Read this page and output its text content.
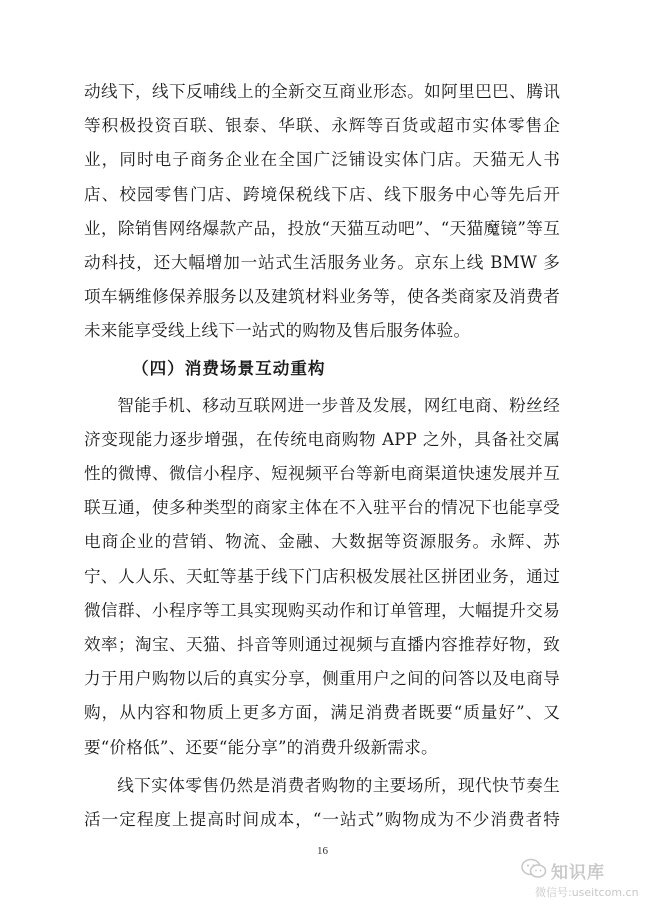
动线下，线下反哺线上的全新交互商业形态。如阿里巴巴、腾讯等积极投资百联、银泰、华联、永辉等百货或超市实体零售企业，同时电子商务企业在全国广泛铺设实体门店。天猫无人书店、校园零售门店、跨境保税线下店、线下服务中心等先后开业，除销售网络爆款产品，投放“天猫互动吧”、“天猫魔镜”等互动科技，还大幅增加一站式生活服务业务。京东上线 BMW 多项车辆维修保养服务以及建筑材料业务等，使各类商家及消费者未来能享受线上线下一站式的购物及售后服务体验。

（四）消费场景互动重构

智能手机、移动互联网进一步普及发展，网红电商、粉丝经济变现能力逐步增强，在传统电商购物 APP 之外，具备社交属性的微博、微信小程序、短视频平台等新电商渠道快速发展并互联互通，使多种类型的商家主体在不入驻平台的情况下也能享受电商企业的营销、物流、金融、大数据等资源服务。永辉、苏宁、人人乐、天虹等基于线下门店积极发展社区拼团业务，通过微信群、小程序等工具实现购买动作和订单管理，大幅提升交易效率；淘宝、天猫、抖音等则通过视频与直播内容推荐好物，致力于用户购物以后的真实分享，侧重用户之间的问答以及电商导购，从内容和物质上更多方面，满足消费者既要“质量好”、又要“价格低”、还要“能分享”的消费升级新需求。

线下实体零售仍然是消费者购物的主要场所，现代快节奏生活一定程度上提高时间成本，“一站式”购物成为不少消费者特

16
知识库
微信号:useitcom.cn
